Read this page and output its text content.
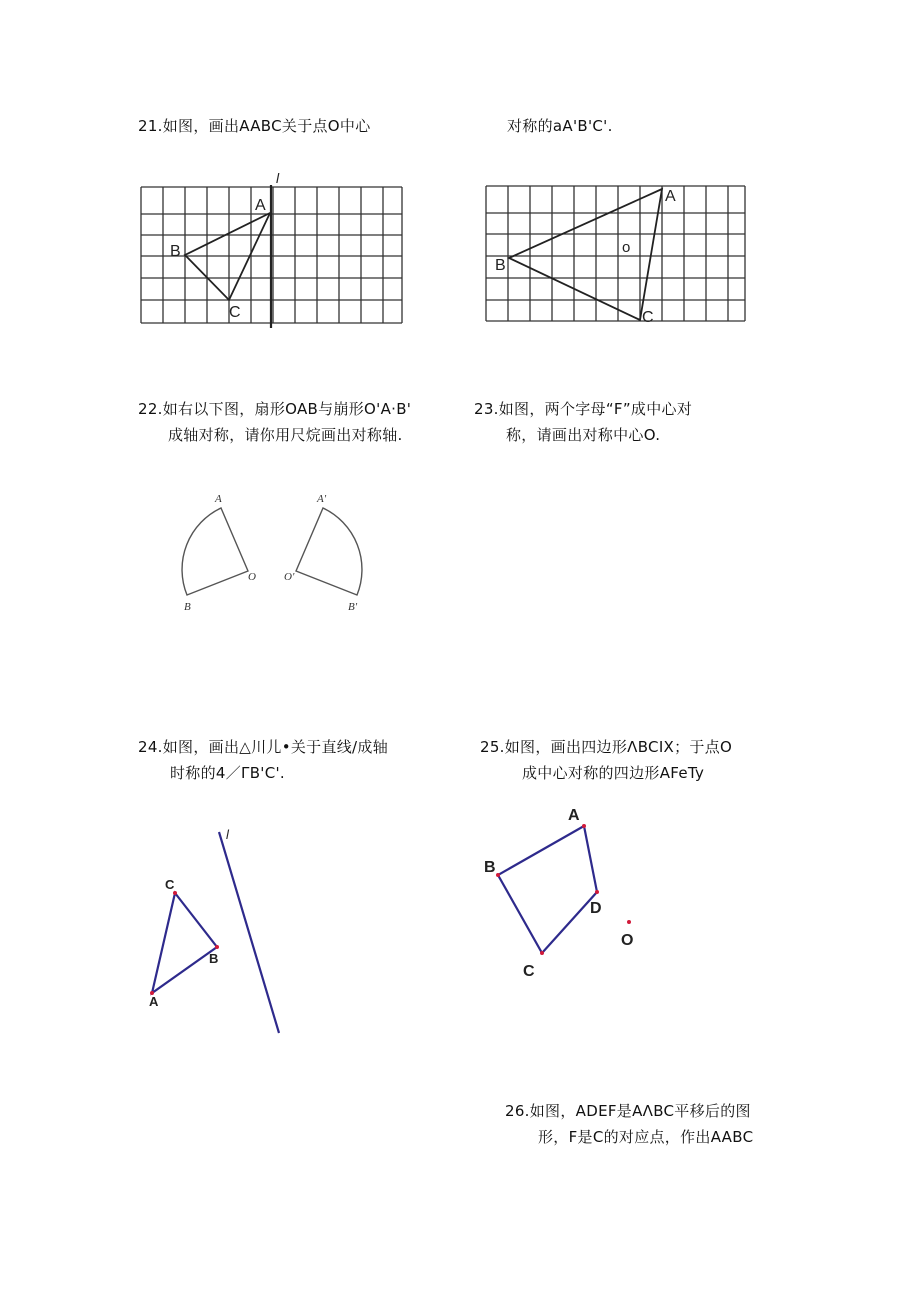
21.如图，画出AABC关于点O中心	对称的aA'B'C'.
A
B
C
l
A
B
C
o
22.如右以下图，扇形OAB与崩形O'A·B'
成轴对称，请你用尺烷画出对称轴.
23.如图，两个字母“F”成中心对
称，请画出对称中心O.
A
O
B
A'
O'
B'
24.如图，画出△川儿•关于直线/成轴
时称的4／ΓB'C'.
25.如图，画出四边形ΛBCIX；于点O
成中心对称的四边形AFeTy
C
B
A
l
A
B
C
D
O
26.如图，ADEF是AΛBC平移后的图
形，F是C的对应点，作出AABC
